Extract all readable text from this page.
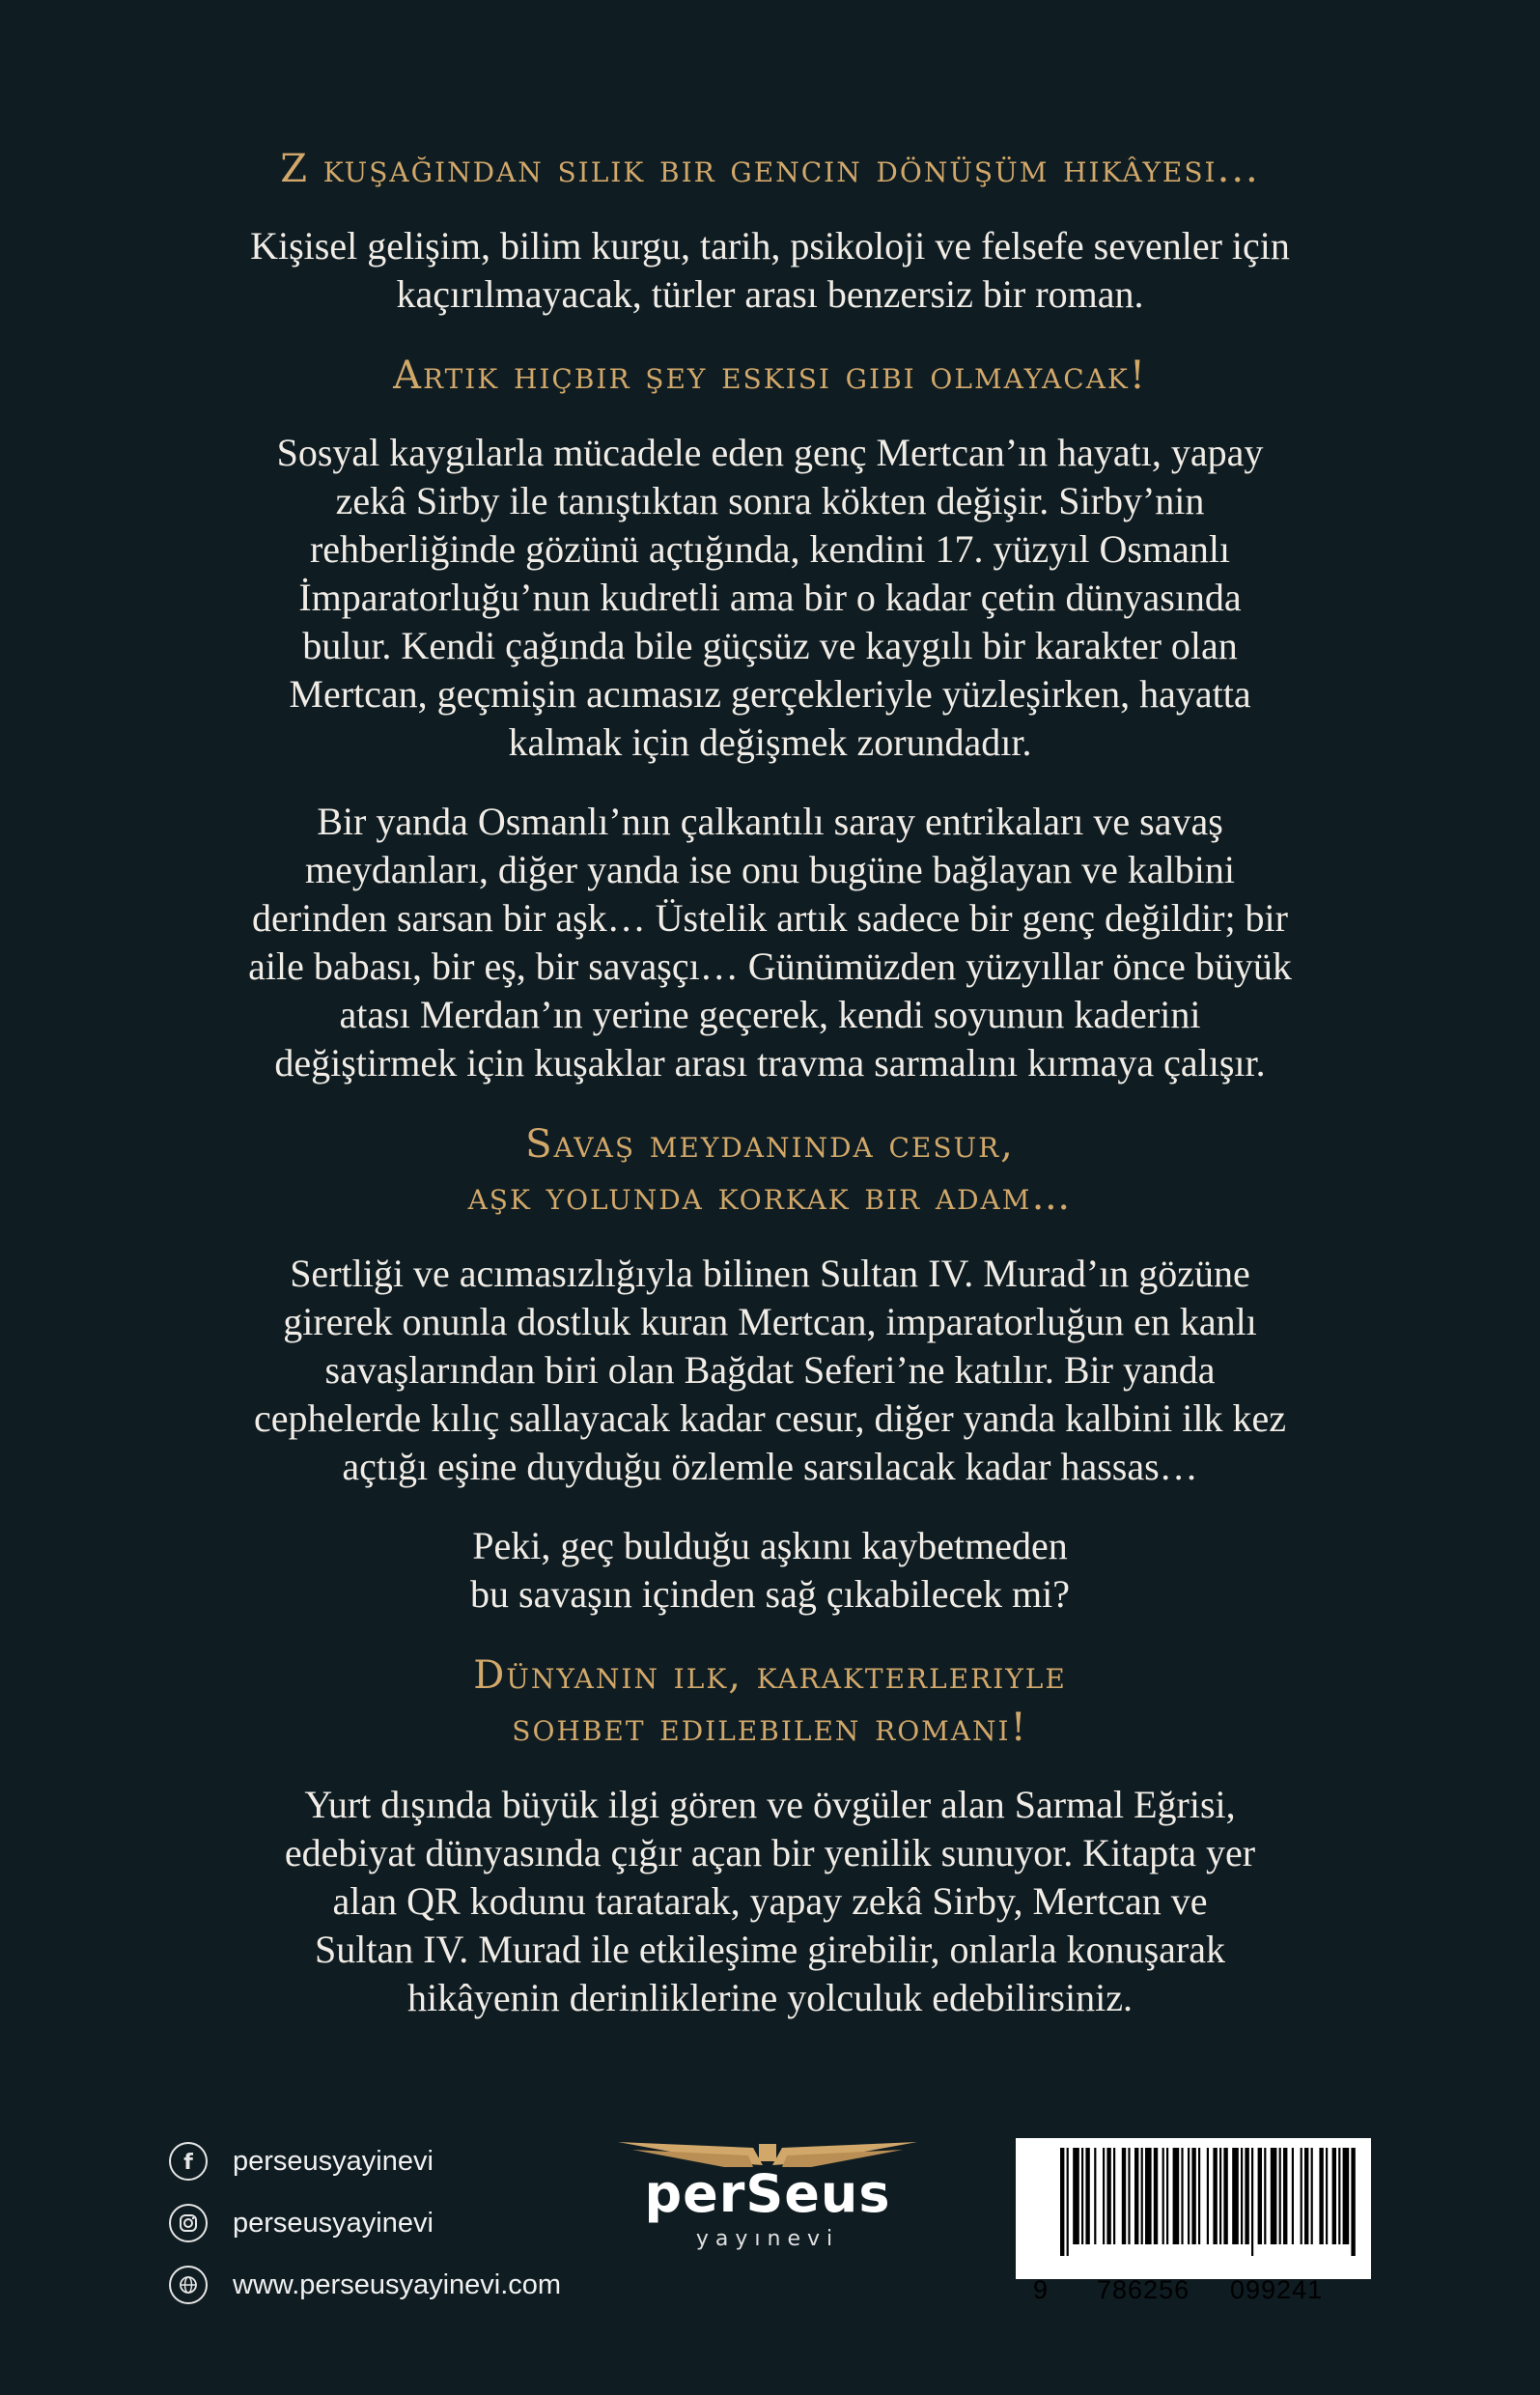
Z kuşağından silik bir gencin dönüşüm hikâyesi...
Kişisel gelişim, bilim kurgu, tarih, psikoloji ve felsefe sevenler için
kaçırılmayacak, türler arası benzersiz bir roman.
Artık hiçbir şey eskisi gibi olmayacak!
Sosyal kaygılarla mücadele eden genç Mertcan’ın hayatı, yapay
zekâ Sirby ile tanıştıktan sonra kökten değişir. Sirby’nin
rehberliğinde gözünü açtığında, kendini 17. yüzyıl Osmanlı
İmparatorluğu’nun kudretli ama bir o kadar çetin dünyasında
bulur. Kendi çağında bile güçsüz ve kaygılı bir karakter olan
Mertcan, geçmişin acımasız gerçekleriyle yüzleşirken, hayatta
kalmak için değişmek zorundadır.
Bir yanda Osmanlı’nın çalkantılı saray entrikaları ve savaş
meydanları, diğer yanda ise onu bugüne bağlayan ve kalbini
derinden sarsan bir aşk… Üstelik artık sadece bir genç değildir; bir
aile babası, bir eş, bir savaşçı… Günümüzden yüzyıllar önce büyük
atası Merdan’ın yerine geçerek, kendi soyunun kaderini
değiştirmek için kuşaklar arası travma sarmalını kırmaya çalışır.
Savaş meydanında cesur,
aşk yolunda korkak bir adam…
Sertliği ve acımasızlığıyla bilinen Sultan IV. Murad’ın gözüne
girerek onunla dostluk kuran Mertcan, imparatorluğun en kanlı
savaşlarından biri olan Bağdat Seferi’ne katılır. Bir yanda
cephelerde kılıç sallayacak kadar cesur, diğer yanda kalbini ilk kez
açtığı eşine duyduğu özlemle sarsılacak kadar hassas…
Peki, geç bulduğu aşkını kaybetmeden
bu savaşın içinden sağ çıkabilecek mi?
Dünyanın ilk, karakterleriyle
sohbet edilebilen romanı!
Yurt dışında büyük ilgi gören ve övgüler alan Sarmal Eğrisi,
edebiyat dünyasında çığır açan bir yenilik sunuyor. Kitapta yer
alan QR kodunu taratarak, yapay zekâ Sirby, Mertcan ve
Sultan IV. Murad ile etkileşime girebilir, onlarla konuşarak
hikâyenin derinliklerine yolculuk edebilirsiniz.
f perseusyayinevi
perseusyayinevi
www.perseusyayinevi.com
perSeus
yayınevi
9 786256 099241
